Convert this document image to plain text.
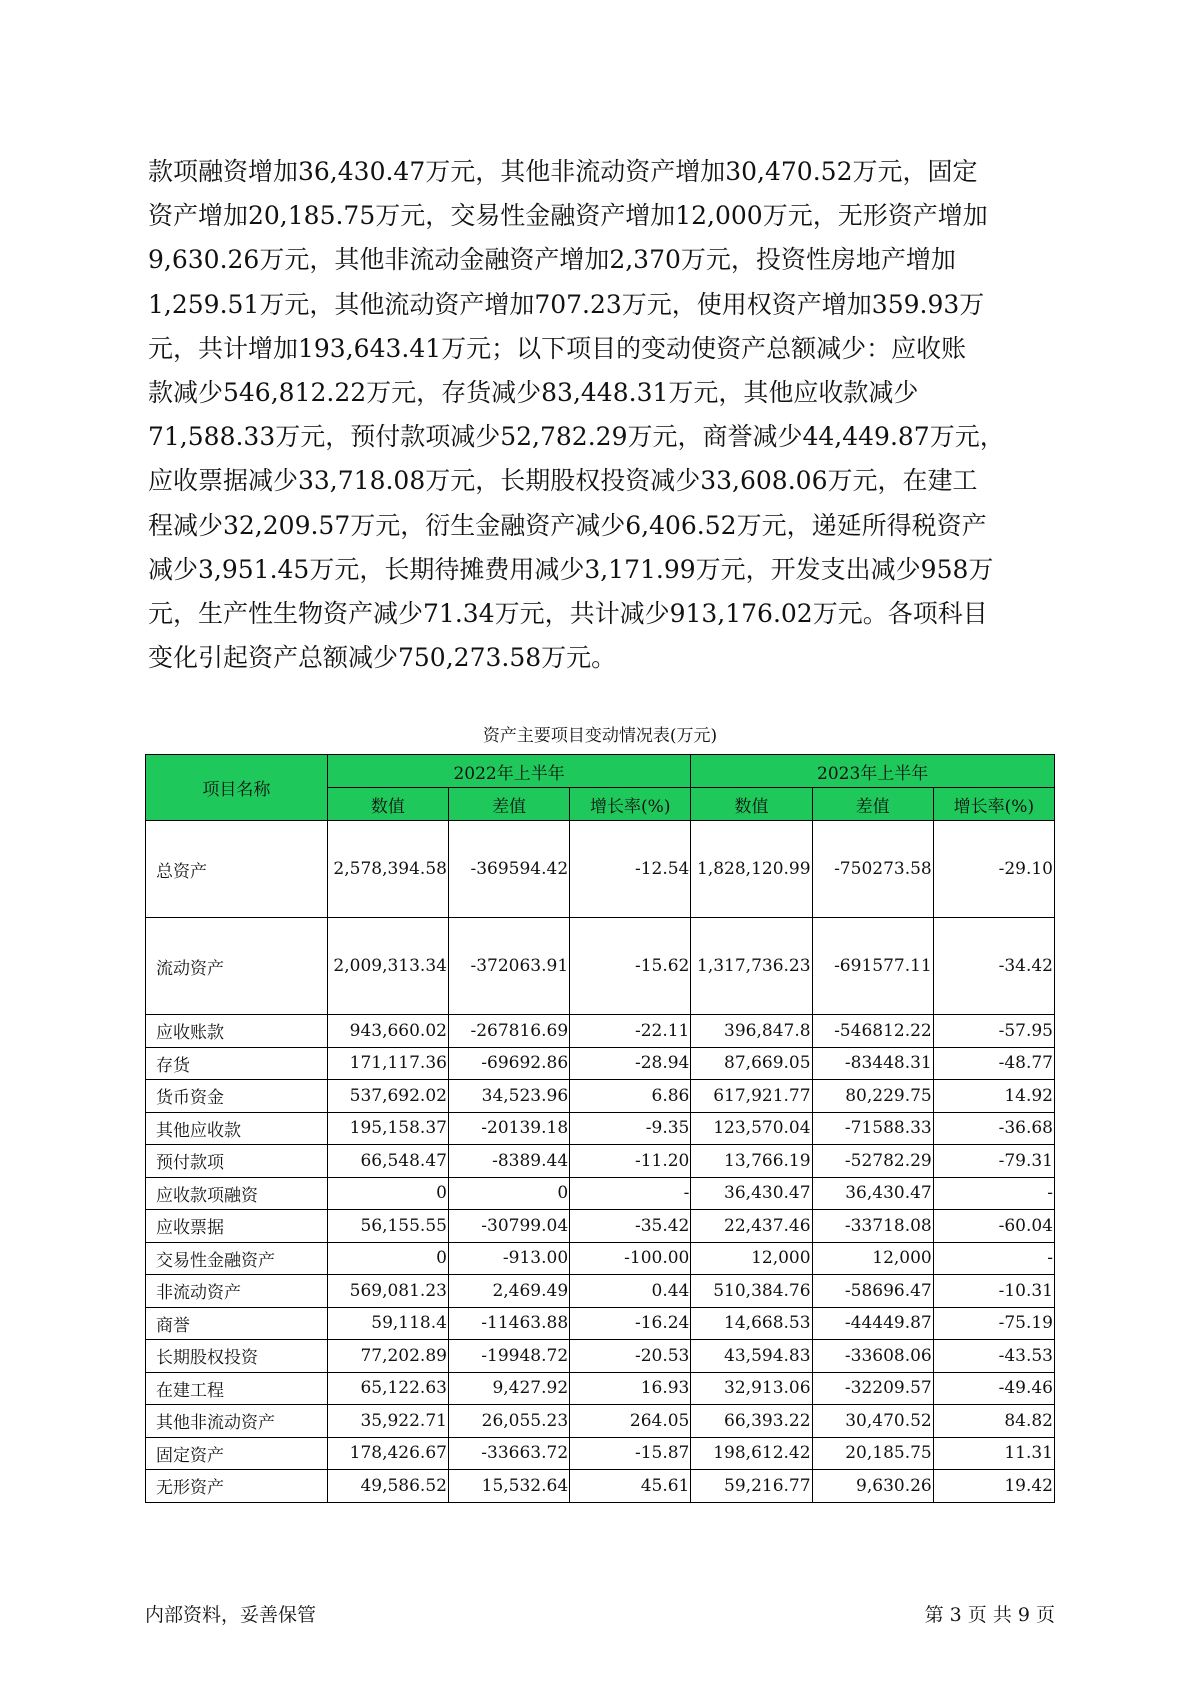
款项融资增加36,430.47万元，其他非流动资产增加30,470.52万元，固定
资产增加20,185.75万元，交易性金融资产增加12,000万元，无形资产增加
9,630.26万元，其他非流动金融资产增加2,370万元，投资性房地产增加
1,259.51万元，其他流动资产增加707.23万元，使用权资产增加359.93万
元，共计增加193,643.41万元；以下项目的变动使资产总额减少：应收账
款减少546,812.22万元，存货减少83,448.31万元，其他应收款减少
71,588.33万元，预付款项减少52,782.29万元，商誉减少44,449.87万元，
应收票据减少33,718.08万元，长期股权投资减少33,608.06万元，在建工
程减少32,209.57万元，衍生金融资产减少6,406.52万元，递延所得税资产
减少3,951.45万元，长期待摊费用减少3,171.99万元，开发支出减少958万
元，生产性生物资产减少71.34万元，共计减少913,176.02万元。各项科目
变化引起资产总额减少750,273.58万元。

资产主要项目变动情况表(万元)
项目名称	2022年上半年			2023年上半年		
	数值	差值	增长率(%)	数值	差值	增长率(%)
总资产	2,578,394.58	-369594.42	-12.54	1,828,120.99	-750273.58	-29.10
流动资产	2,009,313.34	-372063.91	-15.62	1,317,736.23	-691577.11	-34.42
应收账款	943,660.02	-267816.69	-22.11	396,847.8	-546812.22	-57.95
存货	171,117.36	-69692.86	-28.94	87,669.05	-83448.31	-48.77
货币资金	537,692.02	34,523.96	6.86	617,921.77	80,229.75	14.92
其他应收款	195,158.37	-20139.18	-9.35	123,570.04	-71588.33	-36.68
预付款项	66,548.47	-8389.44	-11.20	13,766.19	-52782.29	-79.31
应收款项融资	0	0	-	36,430.47	36,430.47	-
应收票据	56,155.55	-30799.04	-35.42	22,437.46	-33718.08	-60.04
交易性金融资产	0	-913.00	-100.00	12,000	12,000	-
非流动资产	569,081.23	2,469.49	0.44	510,384.76	-58696.47	-10.31
商誉	59,118.4	-11463.88	-16.24	14,668.53	-44449.87	-75.19
长期股权投资	77,202.89	-19948.72	-20.53	43,594.83	-33608.06	-43.53
在建工程	65,122.63	9,427.92	16.93	32,913.06	-32209.57	-49.46
其他非流动资产	35,922.71	26,055.23	264.05	66,393.22	30,470.52	84.82
固定资产	178,426.67	-33663.72	-15.87	198,612.42	20,185.75	11.31
无形资产	49,586.52	15,532.64	45.61	59,216.77	9,630.26	19.42
内部资料，妥善保管	第 3 页 共 9 页
